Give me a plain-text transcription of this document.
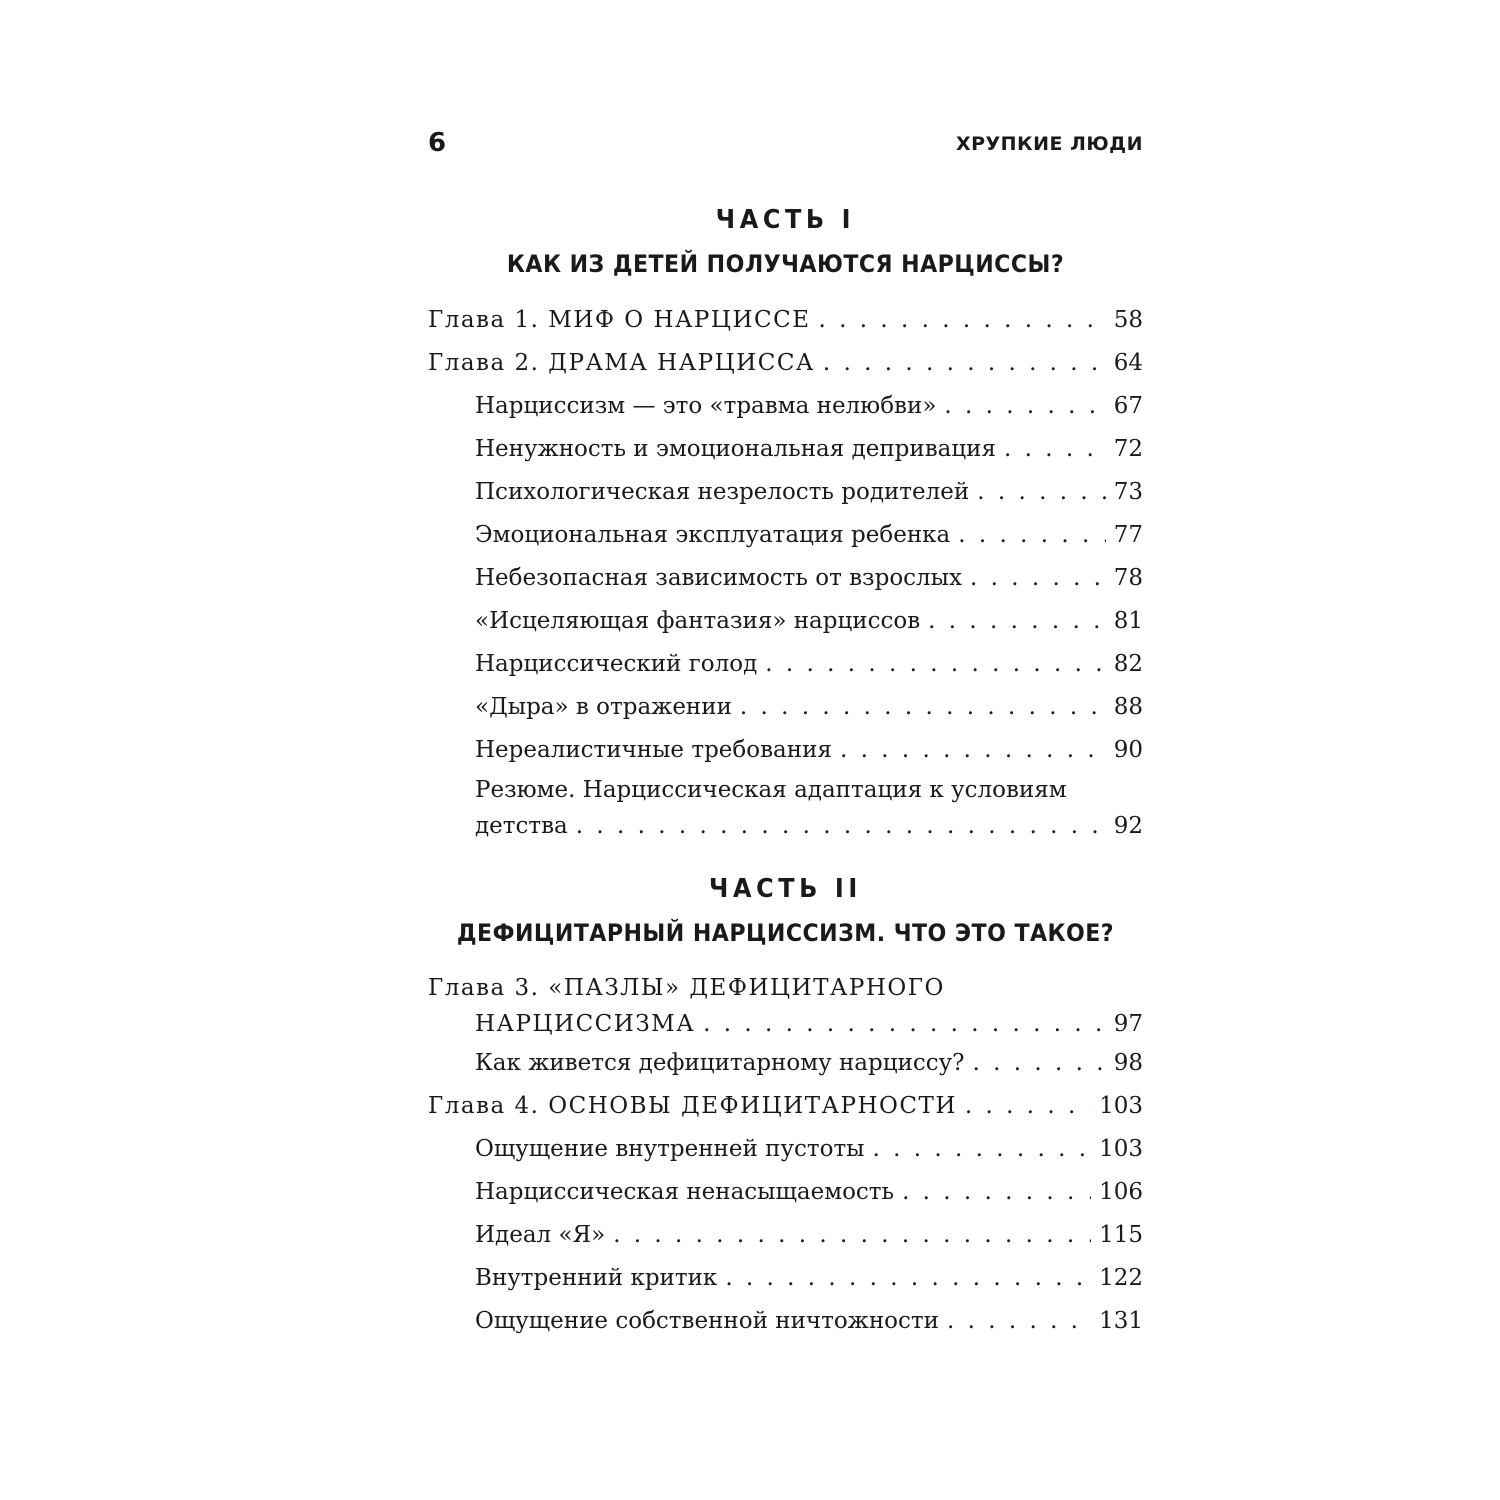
6	ХРУПКИЕ ЛЮДИ
ЧАСТЬ I
КАК ИЗ ДЕТЕЙ ПОЛУЧАЮТСЯ НАРЦИССЫ?
Глава 1. МИФ О НАРЦИССЕ . . .	58
Глава 2. ДРАМА НАРЦИССА . . .	64
Нарциссизм — это «травма нелюбви» . . .	67
Ненужность и эмоциональная депривация . . .	72
Психологическая незрелость родителей . . .	73
Эмоциональная эксплуатация ребенка . . .	77
Небезопасная зависимость от взрослых . . .	78
«Исцеляющая фантазия» нарциссов . . .	81
Нарциссический голод . . .	82
«Дыра» в отражении . . .	88
Нереалистичные требования . . .	90
Резюме. Нарциссическая адаптация к условиям
детства . . .	92
ЧАСТЬ II
ДЕФИЦИТАРНЫЙ НАРЦИССИЗМ. ЧТО ЭТО ТАКОЕ?
Глава 3. «ПАЗЛЫ» ДЕФИЦИТАРНОГО
НАРЦИССИЗМА . . .	97
Как живется дефицитарному нарциссу? . . .	98
Глава 4. ОСНОВЫ ДЕФИЦИТАРНОСТИ . . .	103
Ощущение внутренней пустоты . . .	103
Нарциссическая ненасыщаемость . . .	106
Идеал «Я» . . .	115
Внутренний критик . . .	122
Ощущение собственной ничтожности . . .	131
